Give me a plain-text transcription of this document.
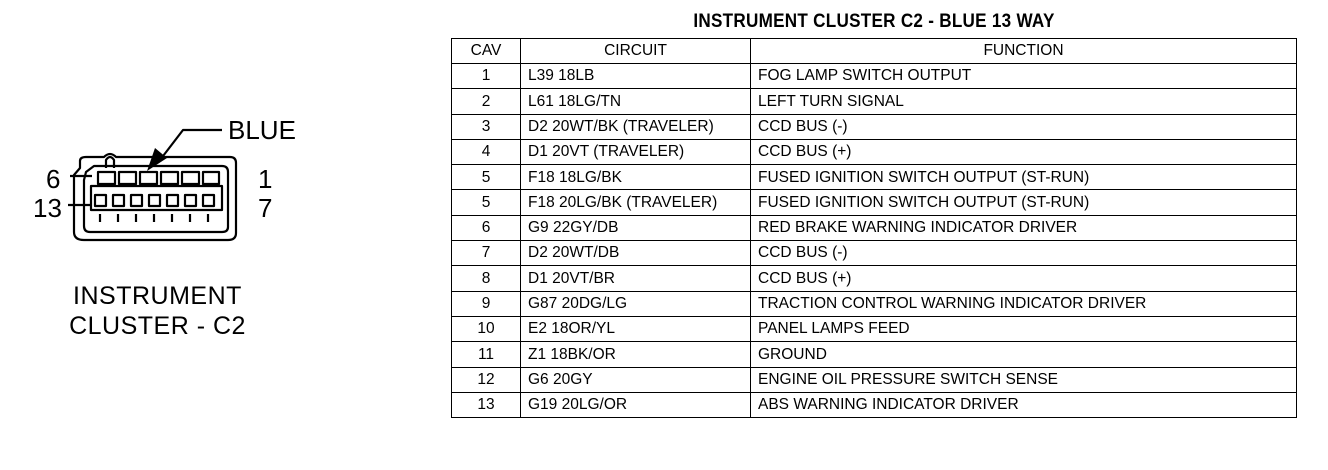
BLUE
6
13
1
7
INSTRUMENT
CLUSTER - C2
INSTRUMENT CLUSTER C2 - BLUE 13 WAY
CAV	CIRCUIT	FUNCTION
1	L39 18LB	FOG LAMP SWITCH OUTPUT
2	L61 18LG/TN	LEFT TURN SIGNAL
3	D2 20WT/BK (TRAVELER)	CCD BUS (-)
4	D1 20VT (TRAVELER)	CCD BUS (+)
5	F18 18LG/BK	FUSED IGNITION SWITCH OUTPUT (ST-RUN)
5	F18 20LG/BK (TRAVELER)	FUSED IGNITION SWITCH OUTPUT (ST-RUN)
6	G9 22GY/DB	RED BRAKE WARNING INDICATOR DRIVER
7	D2 20WT/DB	CCD BUS (-)
8	D1 20VT/BR	CCD BUS (+)
9	G87 20DG/LG	TRACTION CONTROL WARNING INDICATOR DRIVER
10	E2 18OR/YL	PANEL LAMPS FEED
11	Z1 18BK/OR	GROUND
12	G6 20GY	ENGINE OIL PRESSURE SWITCH SENSE
13	G19 20LG/OR	ABS WARNING INDICATOR DRIVER
